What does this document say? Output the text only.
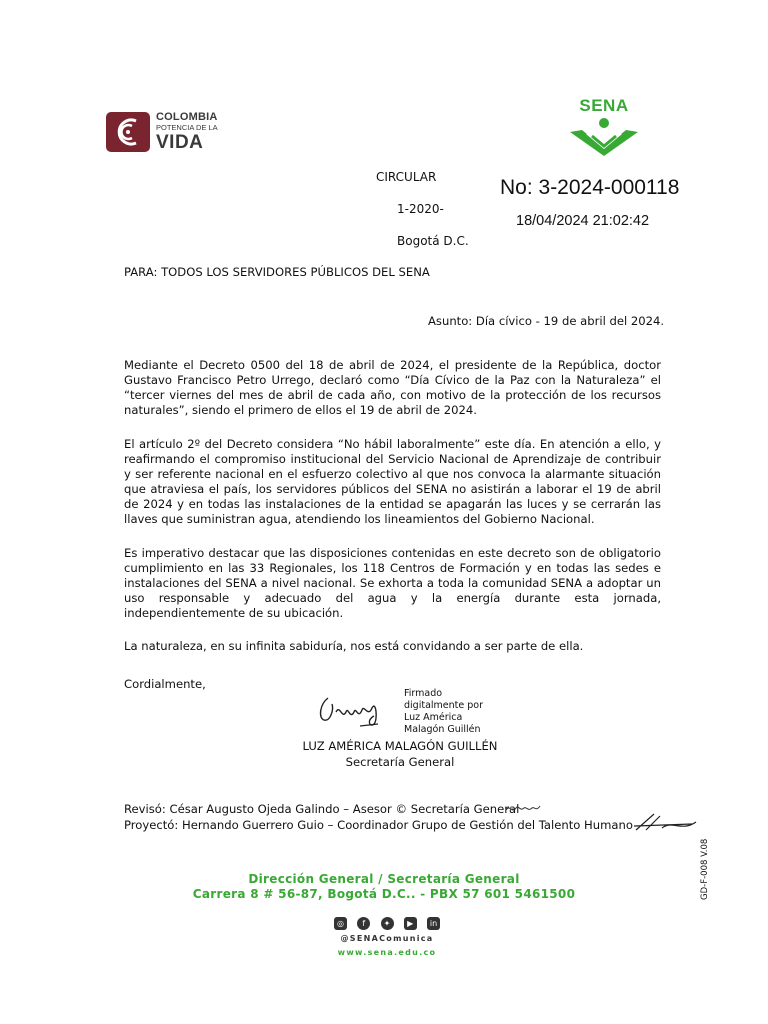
COLOMBIA
POTENCIA DE LA
VIDA
SENA
CIRCULAR
1-2020-
Bogotá D.C.
No: 3-2024-000118
18/04/2024 21:02:42
PARA: TODOS LOS SERVIDORES PÚBLICOS DEL SENA
Asunto: Día cívico - 19 de abril del 2024.
Mediante el Decreto 0500 del 18 de abril de 2024, el presidente de la República, doctor Gustavo Francisco Petro Urrego, declaró como “Día Cívico de la Paz con la Naturaleza” el “tercer viernes del mes de abril de cada año, con motivo de la protección de los recursos naturales”, siendo el primero de ellos el 19 de abril de 2024.
El artículo 2º del Decreto considera “No hábil laboralmente” este día. En atención a ello, y reafirmando el compromiso institucional del Servicio Nacional de Aprendizaje de contribuir y ser referente nacional en el esfuerzo colectivo al que nos convoca la alarmante situación que atraviesa el país, los servidores públicos del SENA no asistirán a laborar el 19 de abril de 2024 y en todas las instalaciones de la entidad se apagarán las luces y se cerrarán las llaves que suministran agua, atendiendo los lineamientos del Gobierno Nacional.
Es imperativo destacar que las disposiciones contenidas en este decreto son de obligatorio cumplimiento en las 33 Regionales, los 118 Centros de Formación y en todas las sedes e instalaciones del SENA a nivel nacional. Se exhorta a toda la comunidad SENA a adoptar un uso responsable y adecuado del agua y la energía durante esta jornada, independientemente de su ubicación.
La naturaleza, en su infinita sabiduría, nos está convidando a ser parte de ella.
Cordialmente,
Firmado
digitalmente por
Luz América
Malagón Guillén
LUZ AMÉRICA MALAGÓN GUILLÉN
Secretaría General
Revisó: César Augusto Ojeda Galindo – Asesor © Secretaría General
Proyectó: Hernando Guerrero Guio – Coordinador Grupo de Gestión del Talento Humano
Dirección General / Secretaría General
Carrera 8 # 56-87, Bogotá D.C.. - PBX 57 601 5461500
◎	f	✦	▶	in
@SENAComunica
www.sena.edu.co
GD-F-008 V.08
